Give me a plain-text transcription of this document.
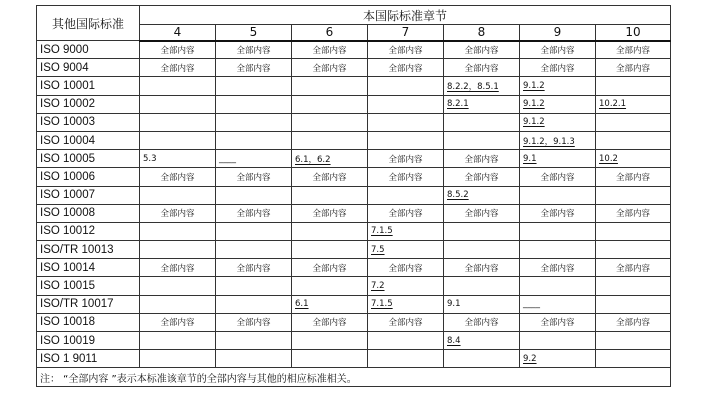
其他国际标准	本国际标准章节						
	4	5	6	7	8	9	10
ISO 9000	全部内容	全部内容	全部内容	全部内容	全部内容	全部内容	全部内容
ISO 9004	全部内容	全部内容	全部内容	全部内容	全部内容	全部内容	全部内容
ISO 10001					8.2.2，8.5.1	9.1.2	
ISO 10002					8.2.1	9.1.2	10.2.1
ISO 10003						9.1.2	
ISO 10004						9.1.2，9.1.3	
ISO 10005	5.3	____	6.1，6.2	全部内容	全部内容	9.1	10.2
ISO 10006	全部内容	全部内容	全部内容	全部内容	全部内容	全部内容	全部内容
ISO 10007					8.5.2		
ISO 10008	全部内容	全部内容	全部内容	全部内容	全部内容	全部内容	全部内容
ISO 10012				7.1.5			
ISO/TR 10013				7.5			
ISO 10014	全部内容	全部内容	全部内容	全部内容	全部内容	全部内容	全部内容
ISO 10015				7.2			
ISO/TR 10017			6.1	7.1.5	9.1	____	
ISO 10018	全部内容	全部内容	全部内容	全部内容	全部内容	全部内容	全部内容
ISO 10019					8.4		
ISO 1 9011						9.2	
注： “全部内容 ”表示本标准该章节的全部内容与其他的相应标准相关。							
